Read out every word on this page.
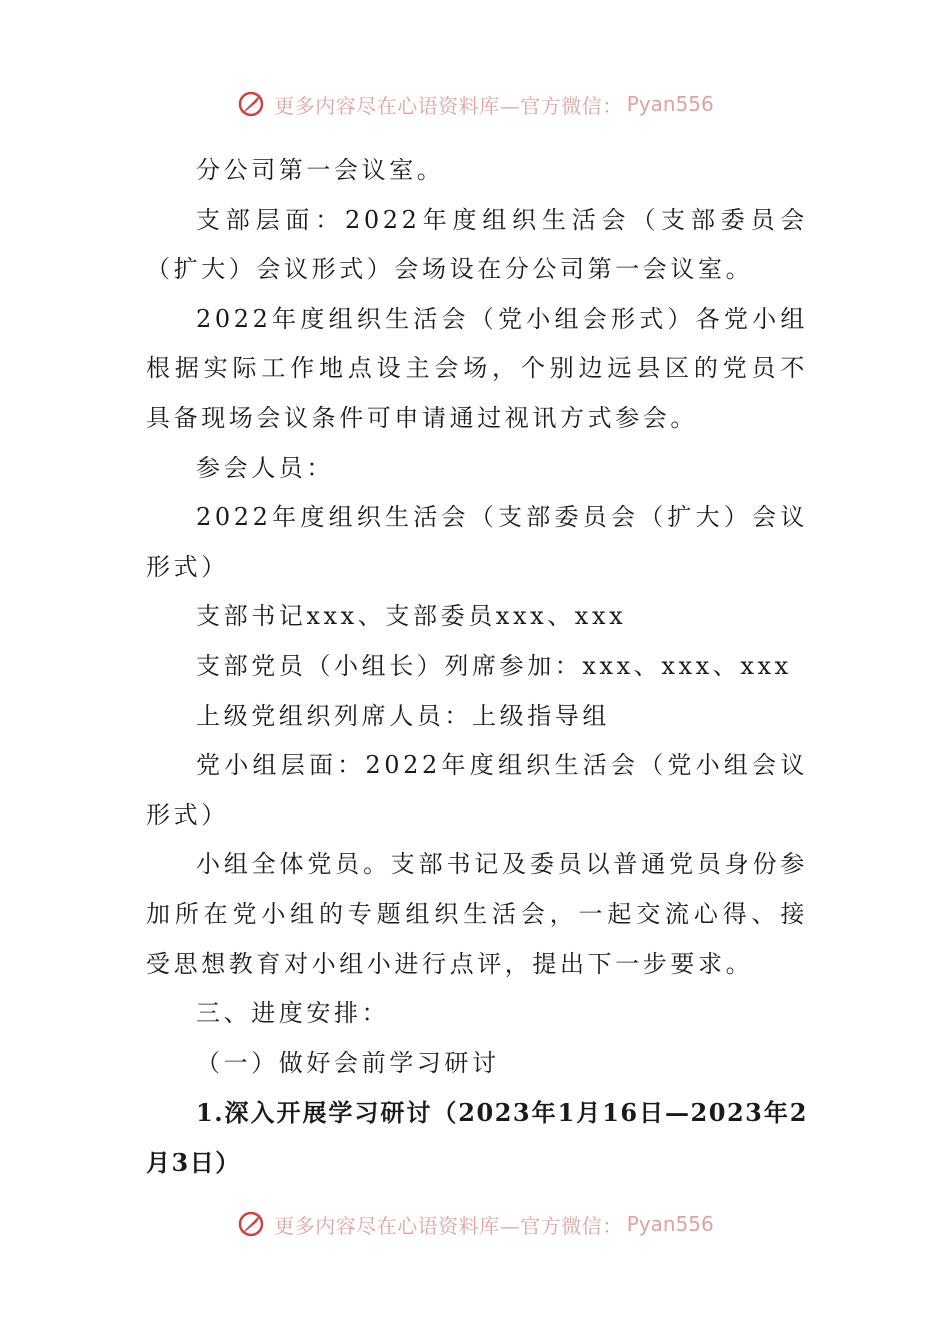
更多内容尽在心语资料库—官方微信： Pyan556

分公司第一会议室。

支部层面：2022年度组织生活会（支部委员会（扩大）会议形式）会场设在分公司第一会议室。

2022年度组织生活会（党小组会形式）各党小组根据实际工作地点设主会场，个别边远县区的党员不具备现场会议条件可申请通过视讯方式参会。

参会人员：

2022年度组织生活会（支部委员会（扩大）会议形式）

支部书记xxx、支部委员xxx、xxx

支部党员（小组长）列席参加：xxx、xxx、xxx

上级党组织列席人员：上级指导组

党小组层面：2022年度组织生活会（党小组会议形式）

小组全体党员。支部书记及委员以普通党员身份参加所在党小组的专题组织生活会，一起交流心得、接受思想教育对小组小进行点评，提出下一步要求。

三、进度安排：

（一）做好会前学习研讨

1.深入开展学习研讨（2023年1月16日—2023年2月3日）

更多内容尽在心语资料库—官方微信： Pyan556
